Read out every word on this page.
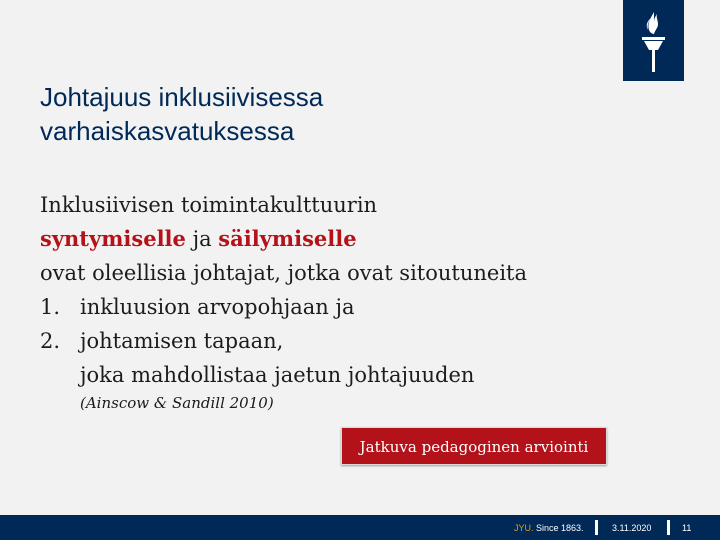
Johtajuus inklusiivisessa
varhaiskasvatuksessa
Inklusiivisen toimintakulttuurin
syntymiselle ja säilymiselle
ovat oleellisia johtajat, jotka ovat sitoutuneita
1. inkluusion arvopohjaan ja
2. johtamisen tapaan,
joka mahdollistaa jaetun johtajuuden
(Ainscow & Sandill 2010)
Jatkuva pedagoginen arviointi
JYU. Since 1863.	3.11.2020	11
